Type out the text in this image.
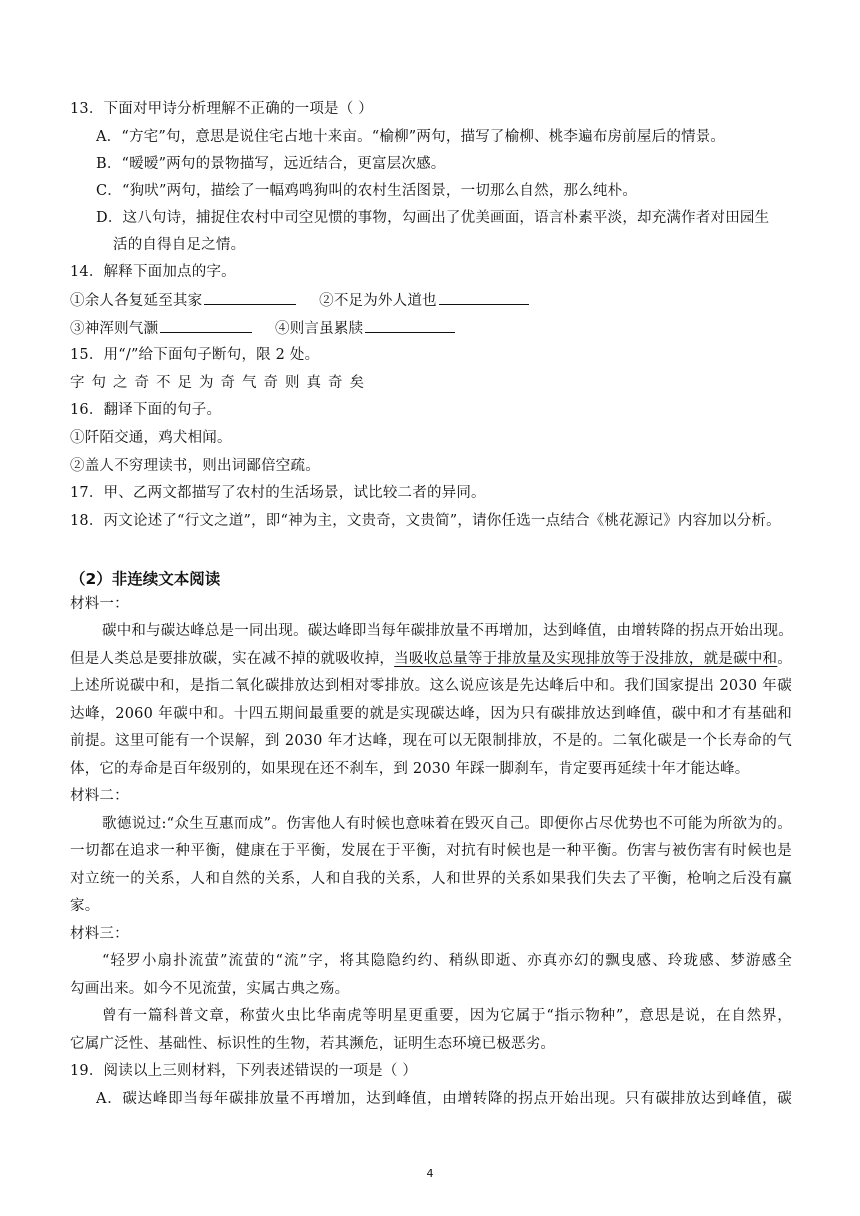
13．下面对甲诗分析理解不正确的一项是（ ）
A．“方宅”句，意思是说住宅占地十来亩。“榆柳”两句，描写了榆柳、桃李遍布房前屋后的情景。
B．“暧暧”两句的景物描写，远近结合，更富层次感。
C．“狗吠”两句，描绘了一幅鸡鸣狗叫的农村生活图景，一切那么自然，那么纯朴。
D．这八句诗，捕捉住农村中司空见惯的事物，勾画出了优美画面，语言朴素平淡，却充满作者对田园生
活的自得自足之情。
14．解释下面加点的字。
①余人各复延至其家	②不足为外人道也
③神浑则气灏	④则言虽累牍
15．用“/”给下面句子断句，限 2 处。
字句之奇不足为奇气奇则真奇矣
16．翻译下面的句子。
①阡陌交通，鸡犬相闻。
②盖人不穷理读书，则出词鄙倍空疏。
17．甲、乙两文都描写了农村的生活场景，试比较二者的异同。
18．丙文论述了“行文之道”，即“神为主，文贵奇，文贵简”，请你任选一点结合《桃花源记》内容加以分析。
（2）非连续文本阅读
材料一：
碳中和与碳达峰总是一同出现。碳达峰即当每年碳排放量不再增加，达到峰值，由增转降的拐点开始出现。
但是人类总是要排放碳，实在减不掉的就吸收掉，当吸收总量等于排放量及实现排放等于没排放，就是碳中和。
上述所说碳中和，是指二氧化碳排放达到相对零排放。这么说应该是先达峰后中和。我们国家提出 2030 年碳
达峰，2060 年碳中和。十四五期间最重要的就是实现碳达峰，因为只有碳排放达到峰值，碳中和才有基础和
前提。这里可能有一个误解，到 2030 年才达峰，现在可以无限制排放，不是的。二氧化碳是一个长寿命的气
体，它的寿命是百年级别的，如果现在还不刹车，到 2030 年踩一脚刹车，肯定要再延续十年才能达峰。
材料二：
歌德说过:“众生互惠而成”。伤害他人有时候也意味着在毁灭自己。即便你占尽优势也不可能为所欲为的。
一切都在追求一种平衡，健康在于平衡，发展在于平衡，对抗有时候也是一种平衡。伤害与被伤害有时候也是
对立统一的关系，人和自然的关系，人和自我的关系，人和世界的关系如果我们失去了平衡，枪响之后没有赢
家。
材料三：
“轻罗小扇扑流萤”流萤的“流”字，将其隐隐约约、稍纵即逝、亦真亦幻的飘曳感、玲珑感、梦游感全
勾画出来。如今不见流萤，实属古典之殇。
曾有一篇科普文章，称萤火虫比华南虎等明星更重要，因为它属于“指示物种”，意思是说，在自然界，
它属广泛性、基础性、标识性的生物，若其濒危，证明生态环境已极恶劣。
19．阅读以上三则材料，下列表述错误的一项是（ ）
A．碳达峰即当每年碳排放量不再增加，达到峰值，由增转降的拐点开始出现。只有碳排放达到峰值，碳
4
